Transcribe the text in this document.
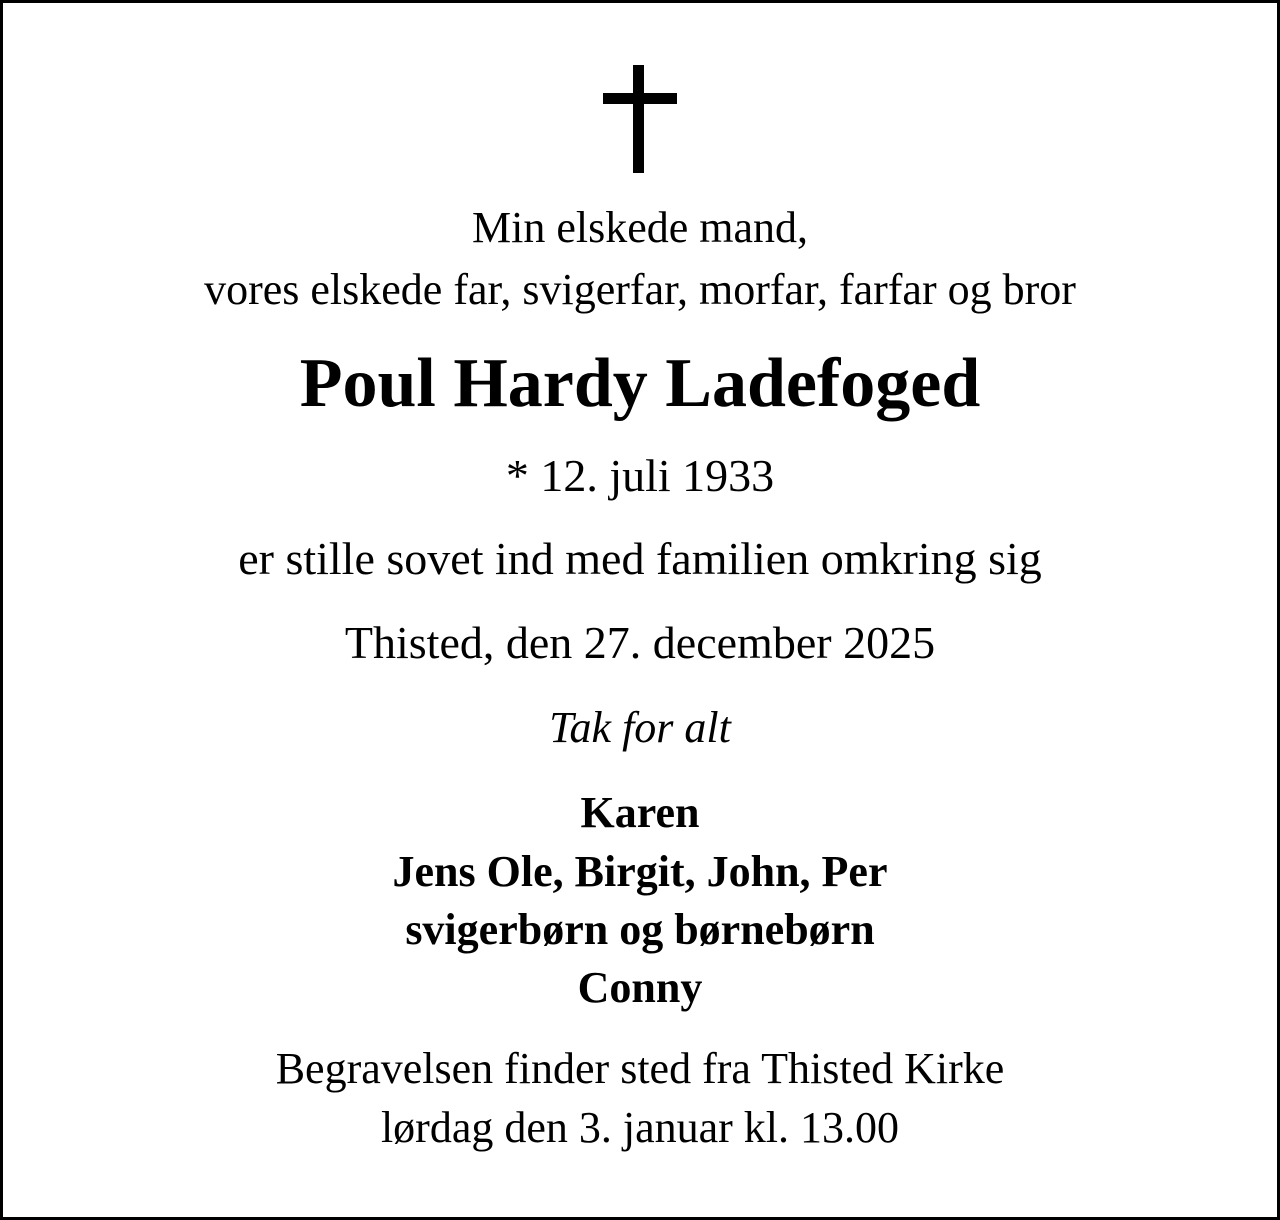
Min elskede mand,
vores elskede far, svigerfar, morfar, farfar og bror
Poul Hardy Ladefoged
* 12. juli 1933
er stille sovet ind med familien omkring sig
Thisted, den 27. december 2025
Tak for alt
Karen
Jens Ole, Birgit, John, Per
svigerbørn og børnebørn
Conny
Begravelsen finder sted fra Thisted Kirke
lørdag den 3. januar kl. 13.00
